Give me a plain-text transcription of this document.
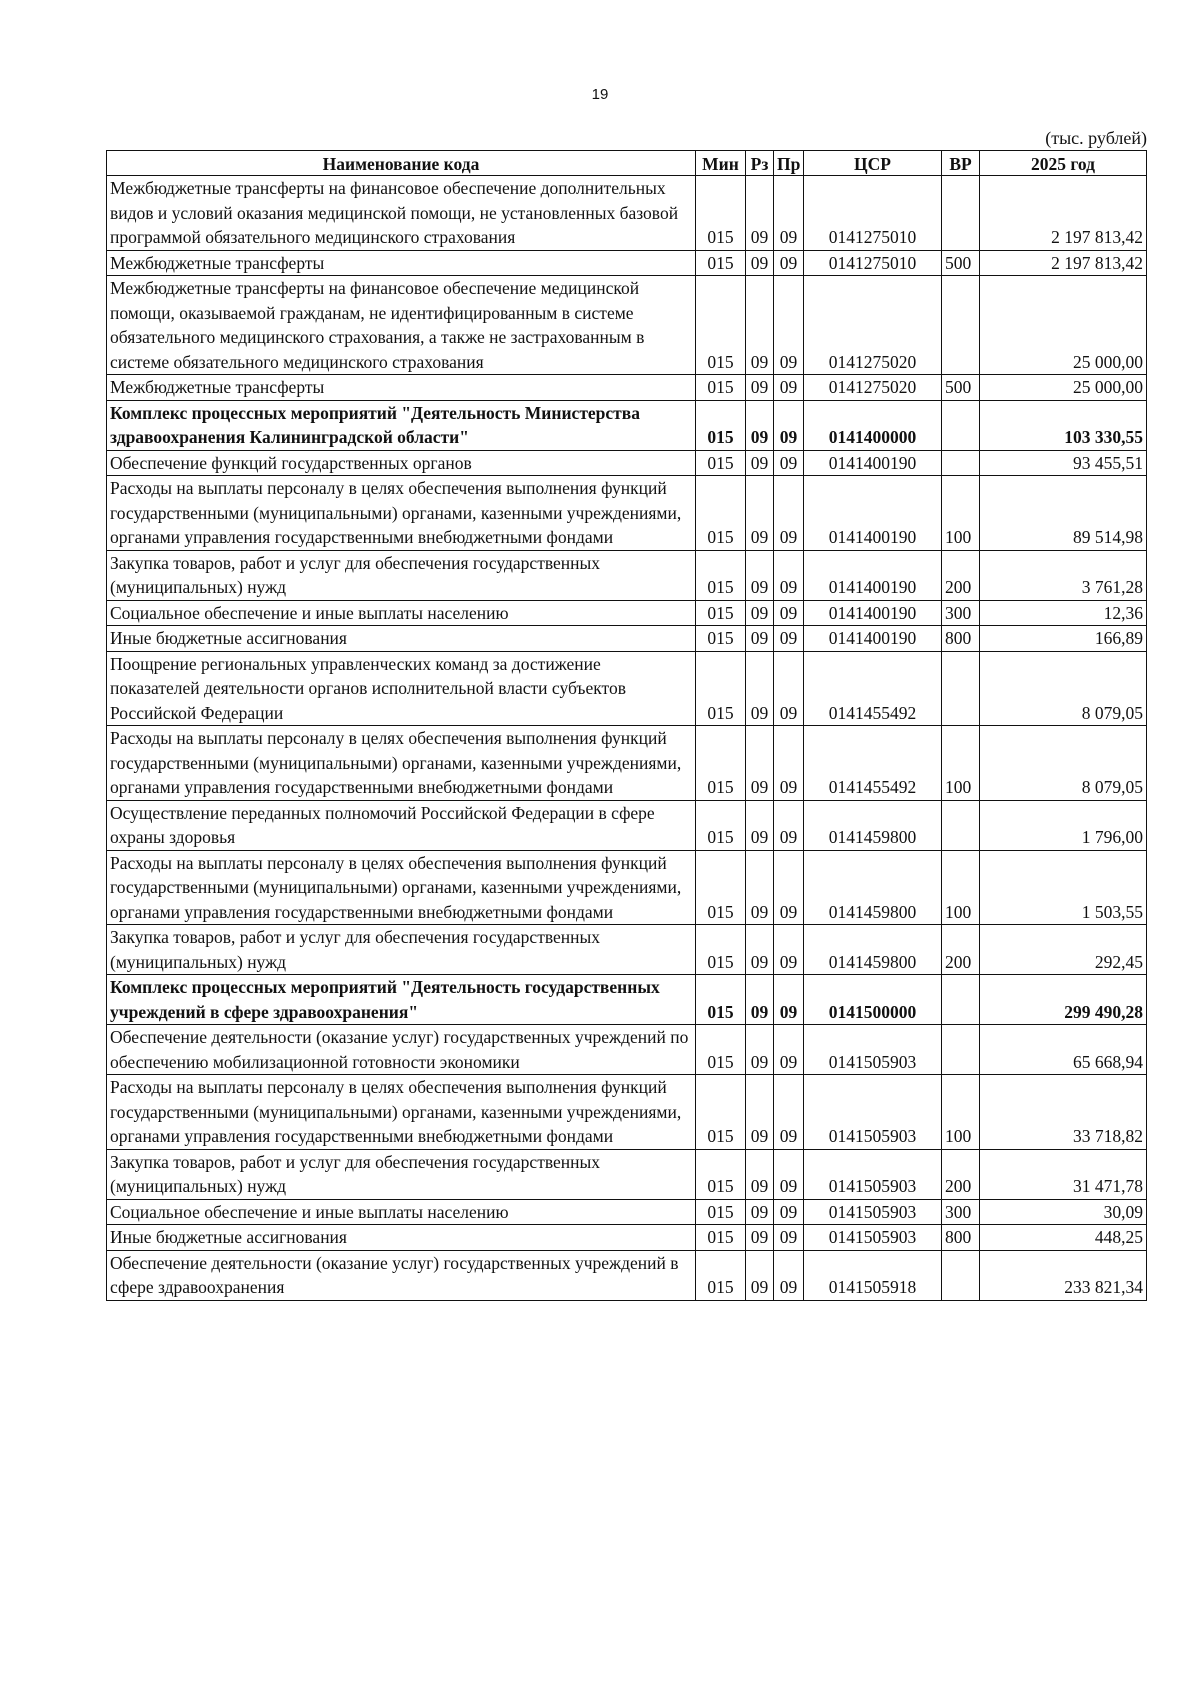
19
(тыс. рублей)
Наименование кода	Мин	Рз	Пр	ЦСР	ВР	2025 год
Межбюджетные трансферты на финансовое обеспечение дополнительных видов и условий оказания медицинской помощи, не установленных базовой программой обязательного медицинского страхования	015	09	09	0141275010		2 197 813,42
Межбюджетные трансферты	015	09	09	0141275010	500	2 197 813,42
Межбюджетные трансферты на финансовое обеспечение медицинской помощи, оказываемой гражданам, не идентифицированным в системе обязательного медицинского страхования, а также не застрахованным в системе обязательного медицинского страхования	015	09	09	0141275020		25 000,00
Межбюджетные трансферты	015	09	09	0141275020	500	25 000,00
Комплекс процессных мероприятий "Деятельность Министерства здравоохранения Калининградской области"	015	09	09	0141400000		103 330,55
Обеспечение функций государственных органов	015	09	09	0141400190		93 455,51
Расходы на выплаты персоналу в целях обеспечения выполнения функций государственными (муниципальными) органами, казенными учреждениями, органами управления государственными внебюджетными фондами	015	09	09	0141400190	100	89 514,98
Закупка товаров, работ и услуг для обеспечения государственных (муниципальных) нужд	015	09	09	0141400190	200	3 761,28
Социальное обеспечение и иные выплаты населению	015	09	09	0141400190	300	12,36
Иные бюджетные ассигнования	015	09	09	0141400190	800	166,89
Поощрение региональных управленческих команд за достижение показателей деятельности органов исполнительной власти субъектов Российской Федерации	015	09	09	0141455492		8 079,05
Расходы на выплаты персоналу в целях обеспечения выполнения функций государственными (муниципальными) органами, казенными учреждениями, органами управления государственными внебюджетными фондами	015	09	09	0141455492	100	8 079,05
Осуществление переданных полномочий Российской Федерации в сфере охраны здоровья	015	09	09	0141459800		1 796,00
Расходы на выплаты персоналу в целях обеспечения выполнения функций государственными (муниципальными) органами, казенными учреждениями, органами управления государственными внебюджетными фондами	015	09	09	0141459800	100	1 503,55
Закупка товаров, работ и услуг для обеспечения государственных (муниципальных) нужд	015	09	09	0141459800	200	292,45
Комплекс процессных мероприятий "Деятельность государственных учреждений в сфере здравоохранения"	015	09	09	0141500000		299 490,28
Обеспечение деятельности (оказание услуг) государственных учреждений по обеспечению мобилизационной готовности экономики	015	09	09	0141505903		65 668,94
Расходы на выплаты персоналу в целях обеспечения выполнения функций государственными (муниципальными) органами, казенными учреждениями, органами управления государственными внебюджетными фондами	015	09	09	0141505903	100	33 718,82
Закупка товаров, работ и услуг для обеспечения государственных (муниципальных) нужд	015	09	09	0141505903	200	31 471,78
Социальное обеспечение и иные выплаты населению	015	09	09	0141505903	300	30,09
Иные бюджетные ассигнования	015	09	09	0141505903	800	448,25
Обеспечение деятельности (оказание услуг) государственных учреждений в сфере здравоохранения	015	09	09	0141505918		233 821,34
